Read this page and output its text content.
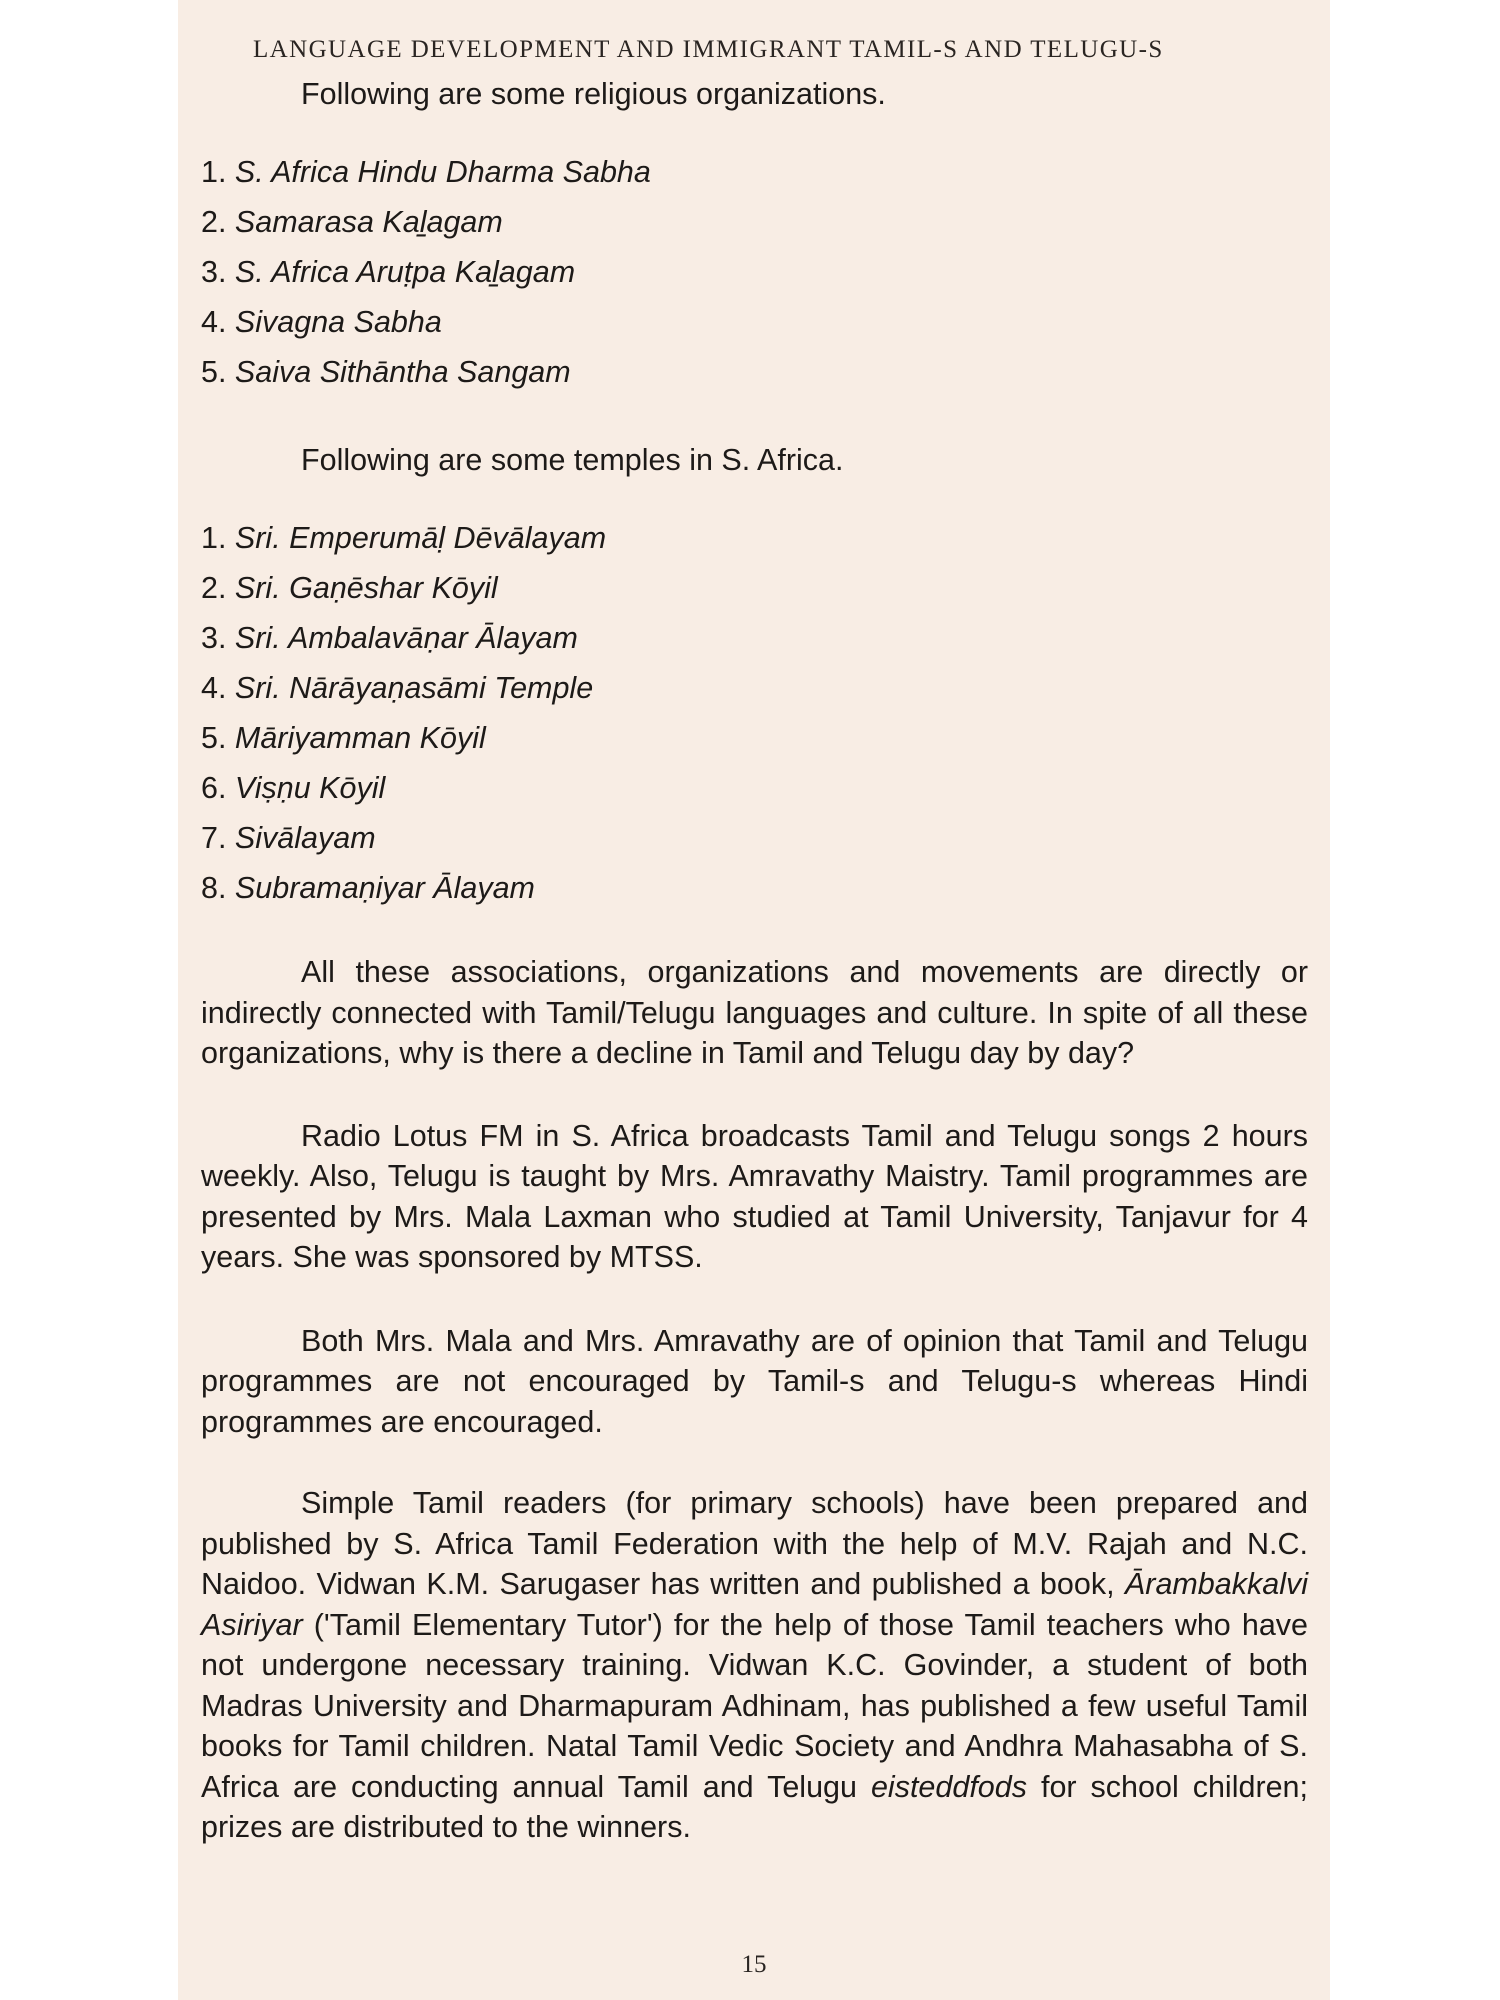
LANGUAGE DEVELOPMENT AND IMMIGRANT TAMIL-S AND TELUGU-S

Following are some religious organizations.

1. S. Africa Hindu Dharma Sabha
2. Samarasa Kaḻagam
3. S. Africa Aruṭpa Kaḻagam
4. Sivagna Sabha
5. Saiva Sithāntha Sangam

Following are some temples in S. Africa.

1. Sri. Emperumāḷ Dēvālayam
2. Sri. Gaṇēshar Kōyil
3. Sri. Ambalavāṇar Ālayam
4. Sri. Nārāyaṇasāmi Temple
5. Māriyamman Kōyil
6. Viṣṇu Kōyil
7. Sivālayam
8. Subramaṇiyar Ālayam

All these associations, organizations and movements are directly or indirectly connected with Tamil/Telugu languages and culture. In spite of all these organizations, why is there a decline in Tamil and Telugu day by day?

Radio Lotus FM in S. Africa broadcasts Tamil and Telugu songs 2 hours weekly. Also, Telugu is taught by Mrs. Amravathy Maistry. Tamil programmes are presented by Mrs. Mala Laxman who studied at Tamil University, Tanjavur for 4 years. She was sponsored by MTSS.

Both Mrs. Mala and Mrs. Amravathy are of opinion that Tamil and Telugu programmes are not encouraged by Tamil-s and Telugu-s whereas Hindi programmes are encouraged.

Simple Tamil readers (for primary schools) have been prepared and published by S. Africa Tamil Federation with the help of M.V. Rajah and N.C. Naidoo. Vidwan K.M. Sarugaser has written and published a book, Ārambakkalvi Asiriyar ('Tamil Elementary Tutor') for the help of those Tamil teachers who have not undergone necessary training. Vidwan K.C. Govinder, a student of both Madras University and Dharmapuram Adhinam, has published a few useful Tamil books for Tamil children. Natal Tamil Vedic Society and Andhra Mahasabha of S. Africa are conducting annual Tamil and Telugu eisteddfods for school children; prizes are distributed to the winners.

15
